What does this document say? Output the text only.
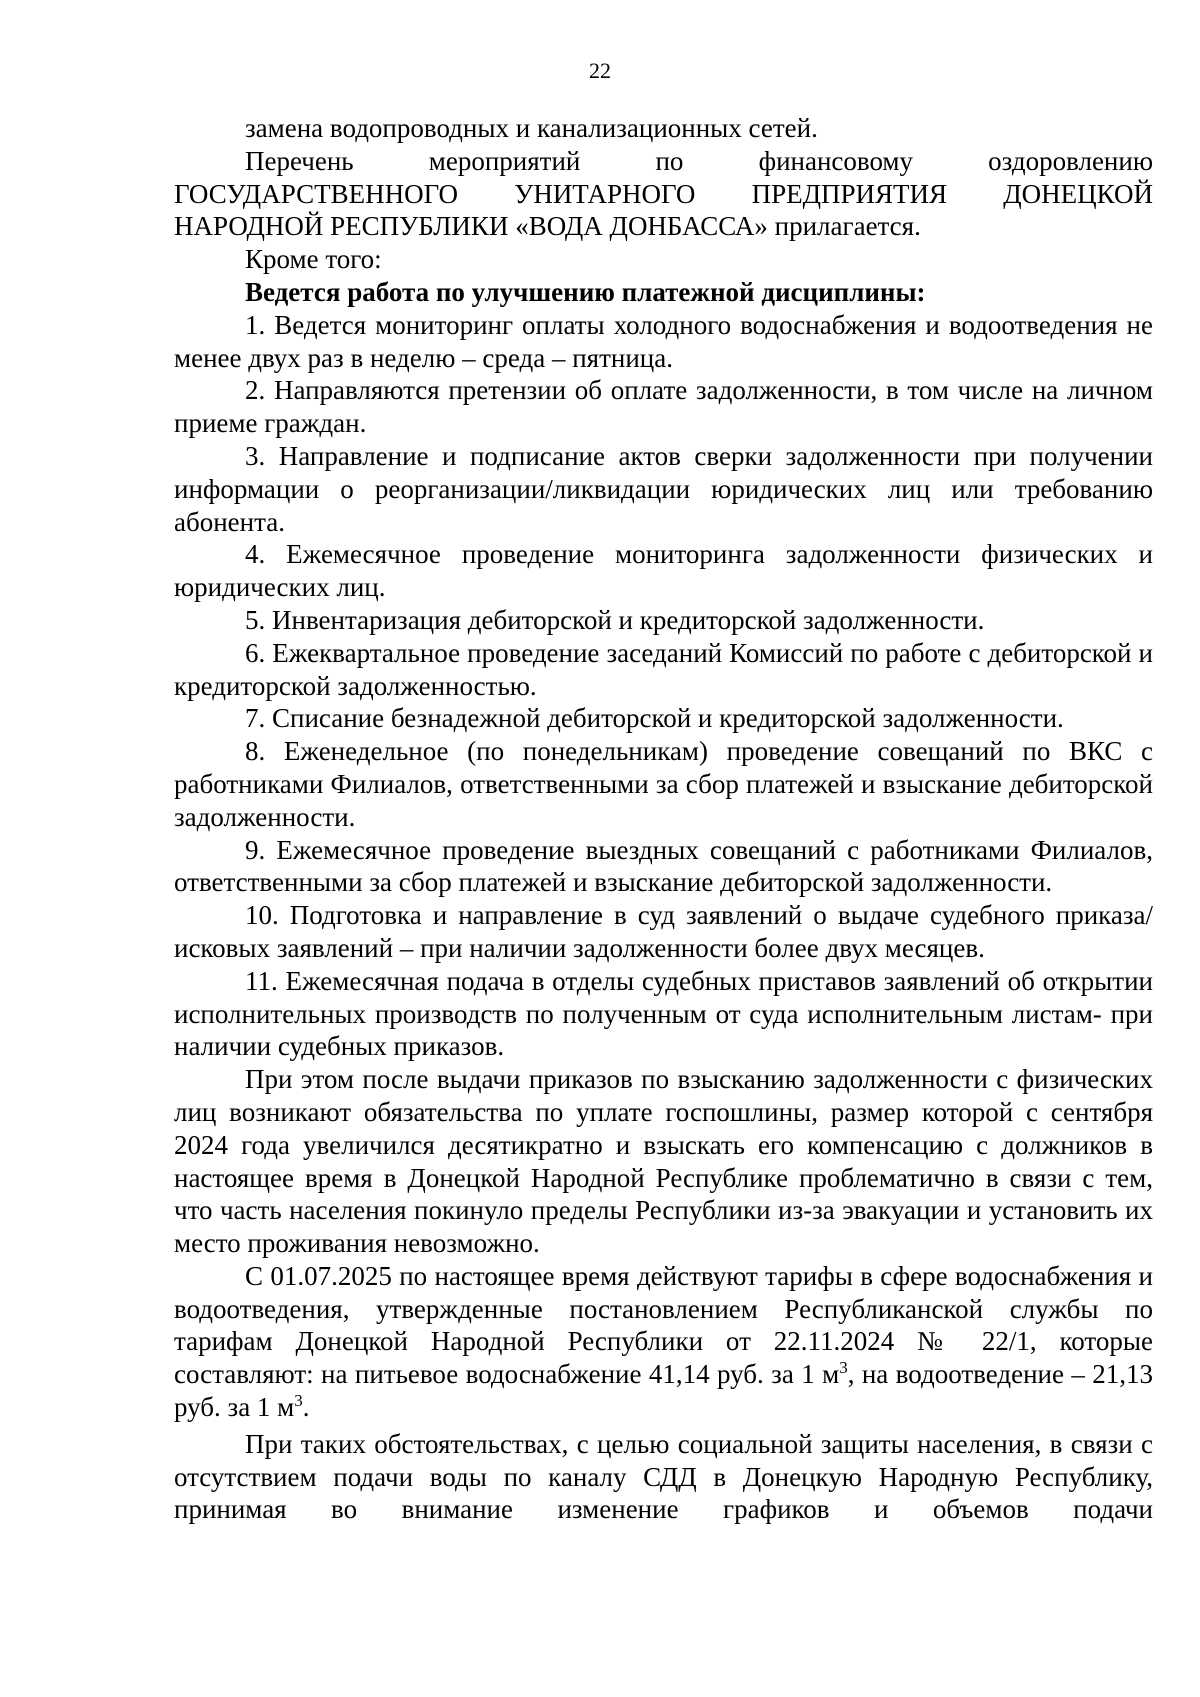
22

замена водопроводных и канализационных сетей.

Перечень мероприятий по финансовому оздоровлению ГОСУДАРСТВЕННОГО УНИТАРНОГО ПРЕДПРИЯТИЯ ДОНЕЦКОЙ НАРОДНОЙ РЕСПУБЛИКИ «ВОДА ДОНБАССА» прилагается.

Кроме того:

Ведется работа по улучшению платежной дисциплины:

1. Ведется мониторинг оплаты холодного водоснабжения и водоотведения не менее двух раз в неделю – среда – пятница.

2. Направляются претензии об оплате задолженности, в том числе на личном приеме граждан.

3. Направление и подписание актов сверки задолженности при получении информации о реорганизации/ликвидации юридических лиц или требованию абонента.

4. Ежемесячное проведение мониторинга задолженности физических и юридических лиц.

5. Инвентаризация дебиторской и кредиторской задолженности.

6. Ежеквартальное проведение заседаний Комиссий по работе с дебиторской и кредиторской задолженностью.

7. Списание безнадежной дебиторской и кредиторской задолженности.

8. Еженедельное (по понедельникам) проведение совещаний по ВКС с работниками Филиалов, ответственными за сбор платежей и взыскание дебиторской задолженности.

9. Ежемесячное проведение выездных совещаний с работниками Филиалов, ответственными за сбор платежей и взыскание дебиторской задолженности.

10. Подготовка и направление в суд заявлений о выдаче судебного приказа/исковых заявлений – при наличии задолженности более двух месяцев.

11. Ежемесячная подача в отделы судебных приставов заявлений об открытии исполнительных производств по полученным от суда исполнительным листам- при наличии судебных приказов.

При этом после выдачи приказов по взысканию задолженности с физических лиц возникают обязательства по уплате госпошлины, размер которой с сентября 2024 года увеличился десятикратно и взыскать его компенсацию с должников в настоящее время в Донецкой Народной Республике проблематично в связи с тем, что часть населения покинуло пределы Республики из-за эвакуации и установить их место проживания невозможно.

С 01.07.2025 по настоящее время действуют тарифы в сфере водоснабжения и водоотведения, утвержденные постановлением Республиканской службы по тарифам Донецкой Народной Республики от 22.11.2024 № 22/1, которые составляют: на питьевое водоснабжение 41,14 руб. за 1 $м^3$, на водоотведение – 21,13 руб. за 1 $м^3$.

При таких обстоятельствах, с целью социальной защиты населения, в связи с отсутствием подачи воды по каналу СДД в Донецкую Народную Республику, принимая во внимание изменение графиков и объемов подачи
